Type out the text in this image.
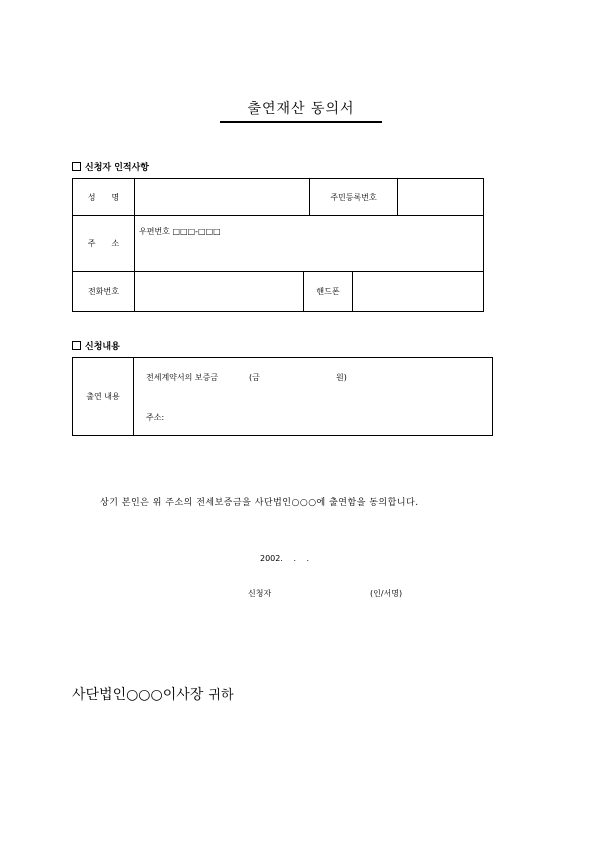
출연재산 동의서
신청자 인적사항
성　　명	주민등록번호
주　　소
우편번호 □□□-□□□
전화번호	핸드폰
신청내용
출연 내용
전세계약서의 보증금	(금	원)
주소:
상기 본인은 위 주소의 전세보증금을 사단법인○○○에 출연함을 동의합니다.
2002.　 .　 .
신청자	(인/서명)
사단법인○○○이사장 귀하
